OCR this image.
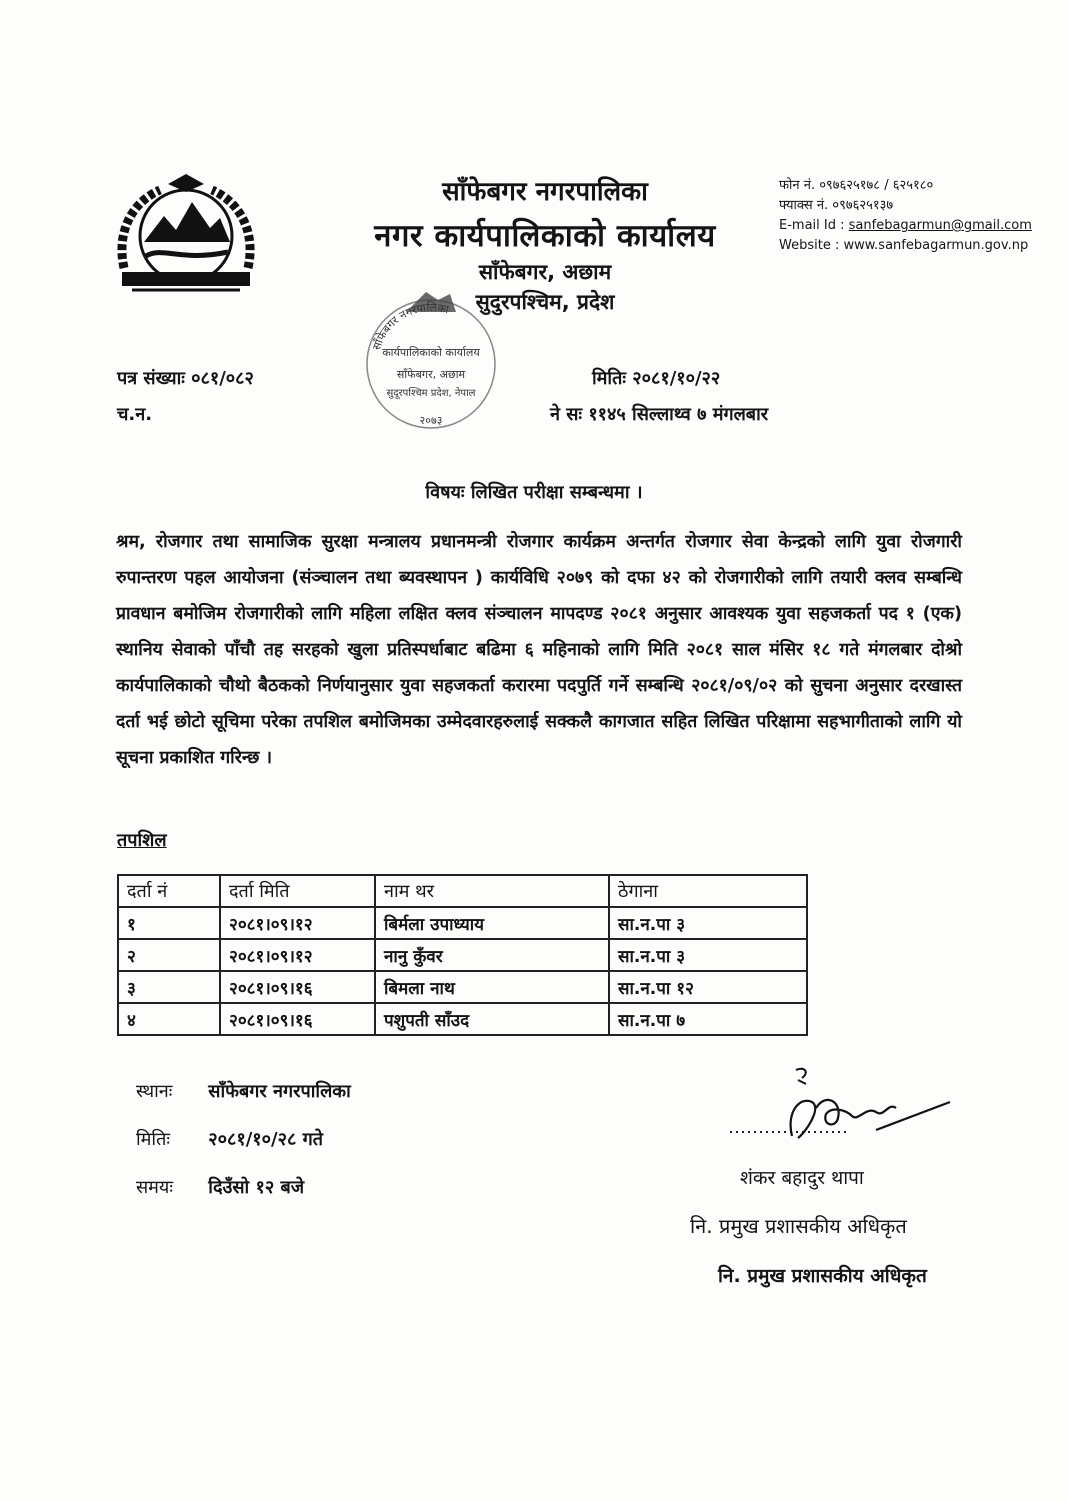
साँफेबगर नगरपालिका
नगर कार्यपालिकाको कार्यालय
साँफेबगर, अछाम
सुदुरपश्चिम, प्रदेश
फोन नं. ०९७६२५१७८ / ६२५१८०
फ्याक्स नं. ०९७६२५१३७
E-mail Id : sanfebagarmun@gmail.com
Website : www.sanfebagarmun.gov.np
साँफेबगर नगरपालिका
कार्यपालिकाको कार्यालय
साँफेबगर, अछाम
सुदूरपश्चिम प्रदेश, नेपाल
२०७३
पत्र संख्याः ०८१/०८२
च.न.
मितिः २०८१/१०/२२
ने सः ११४५ सिल्लाथ्व ७ मंगलबार
विषयः लिखित परीक्षा सम्बन्धमा ।
श्रम, रोजगार तथा सामाजिक सुरक्षा मन्त्रालय प्रधानमन्त्री रोजगार कार्यक्रम अन्तर्गत रोजगार सेवा केन्द्रको लागि युवा रोजगारी रुपान्तरण पहल आयोजना (संञ्चालन तथा ब्यवस्थापन ) कार्यविधि २०७९ को दफा ४२ को रोजगारीको लागि तयारी क्लव सम्बन्धि प्रावधान बमोजिम रोजगारीको लागि महिला लक्षित क्लव संञ्चालन मापदण्ड २०८१ अनुसार आवश्यक युवा सहजकर्ता पद १ (एक) स्थानिय सेवाको पाँचौ तह सरहको खुला प्रतिस्पर्धाबाट बढिमा ६ महिनाको लागि मिति २०८१ साल मंसिर १८ गते मंगलबार दोश्रो कार्यपालिकाको चौथो बैठकको निर्णयानुसार युवा सहजकर्ता करारमा पदपुर्ति गर्ने सम्बन्धि २०८१/०९/०२ को सुचना अनुसार दरखास्त दर्ता भई छोटो सूचिमा परेका तपशिल बमोजिमका उम्मेदवारहरुलाई सक्कलै कागजात सहित लिखित परिक्षामा सहभागीताको लागि यो सूचना प्रकाशित गरिन्छ ।
तपशिल
दर्ता नं	दर्ता मिति	नाम थर	ठेगाना
१	२०८१।०९।१२	बिर्मला उपाध्याय	सा.न.पा ३
२	२०८१।०९।१२	नानु कुँवर	सा.न.पा ३
३	२०८१।०९।१६	बिमला नाथ	सा.न.पा १२
४	२०८१।०९।१६	पशुपती साँउद	सा.न.पा ७
स्थानः साँफेबगर नगरपालिका
मितिः २०८१/१०/२८ गते
समयः दिउँसो १२ बजे	शंकर बहादुर थापा
नि. प्रमुख प्रशासकीय अधिकृत
नि. प्रमुख प्रशासकीय अधिकृत
